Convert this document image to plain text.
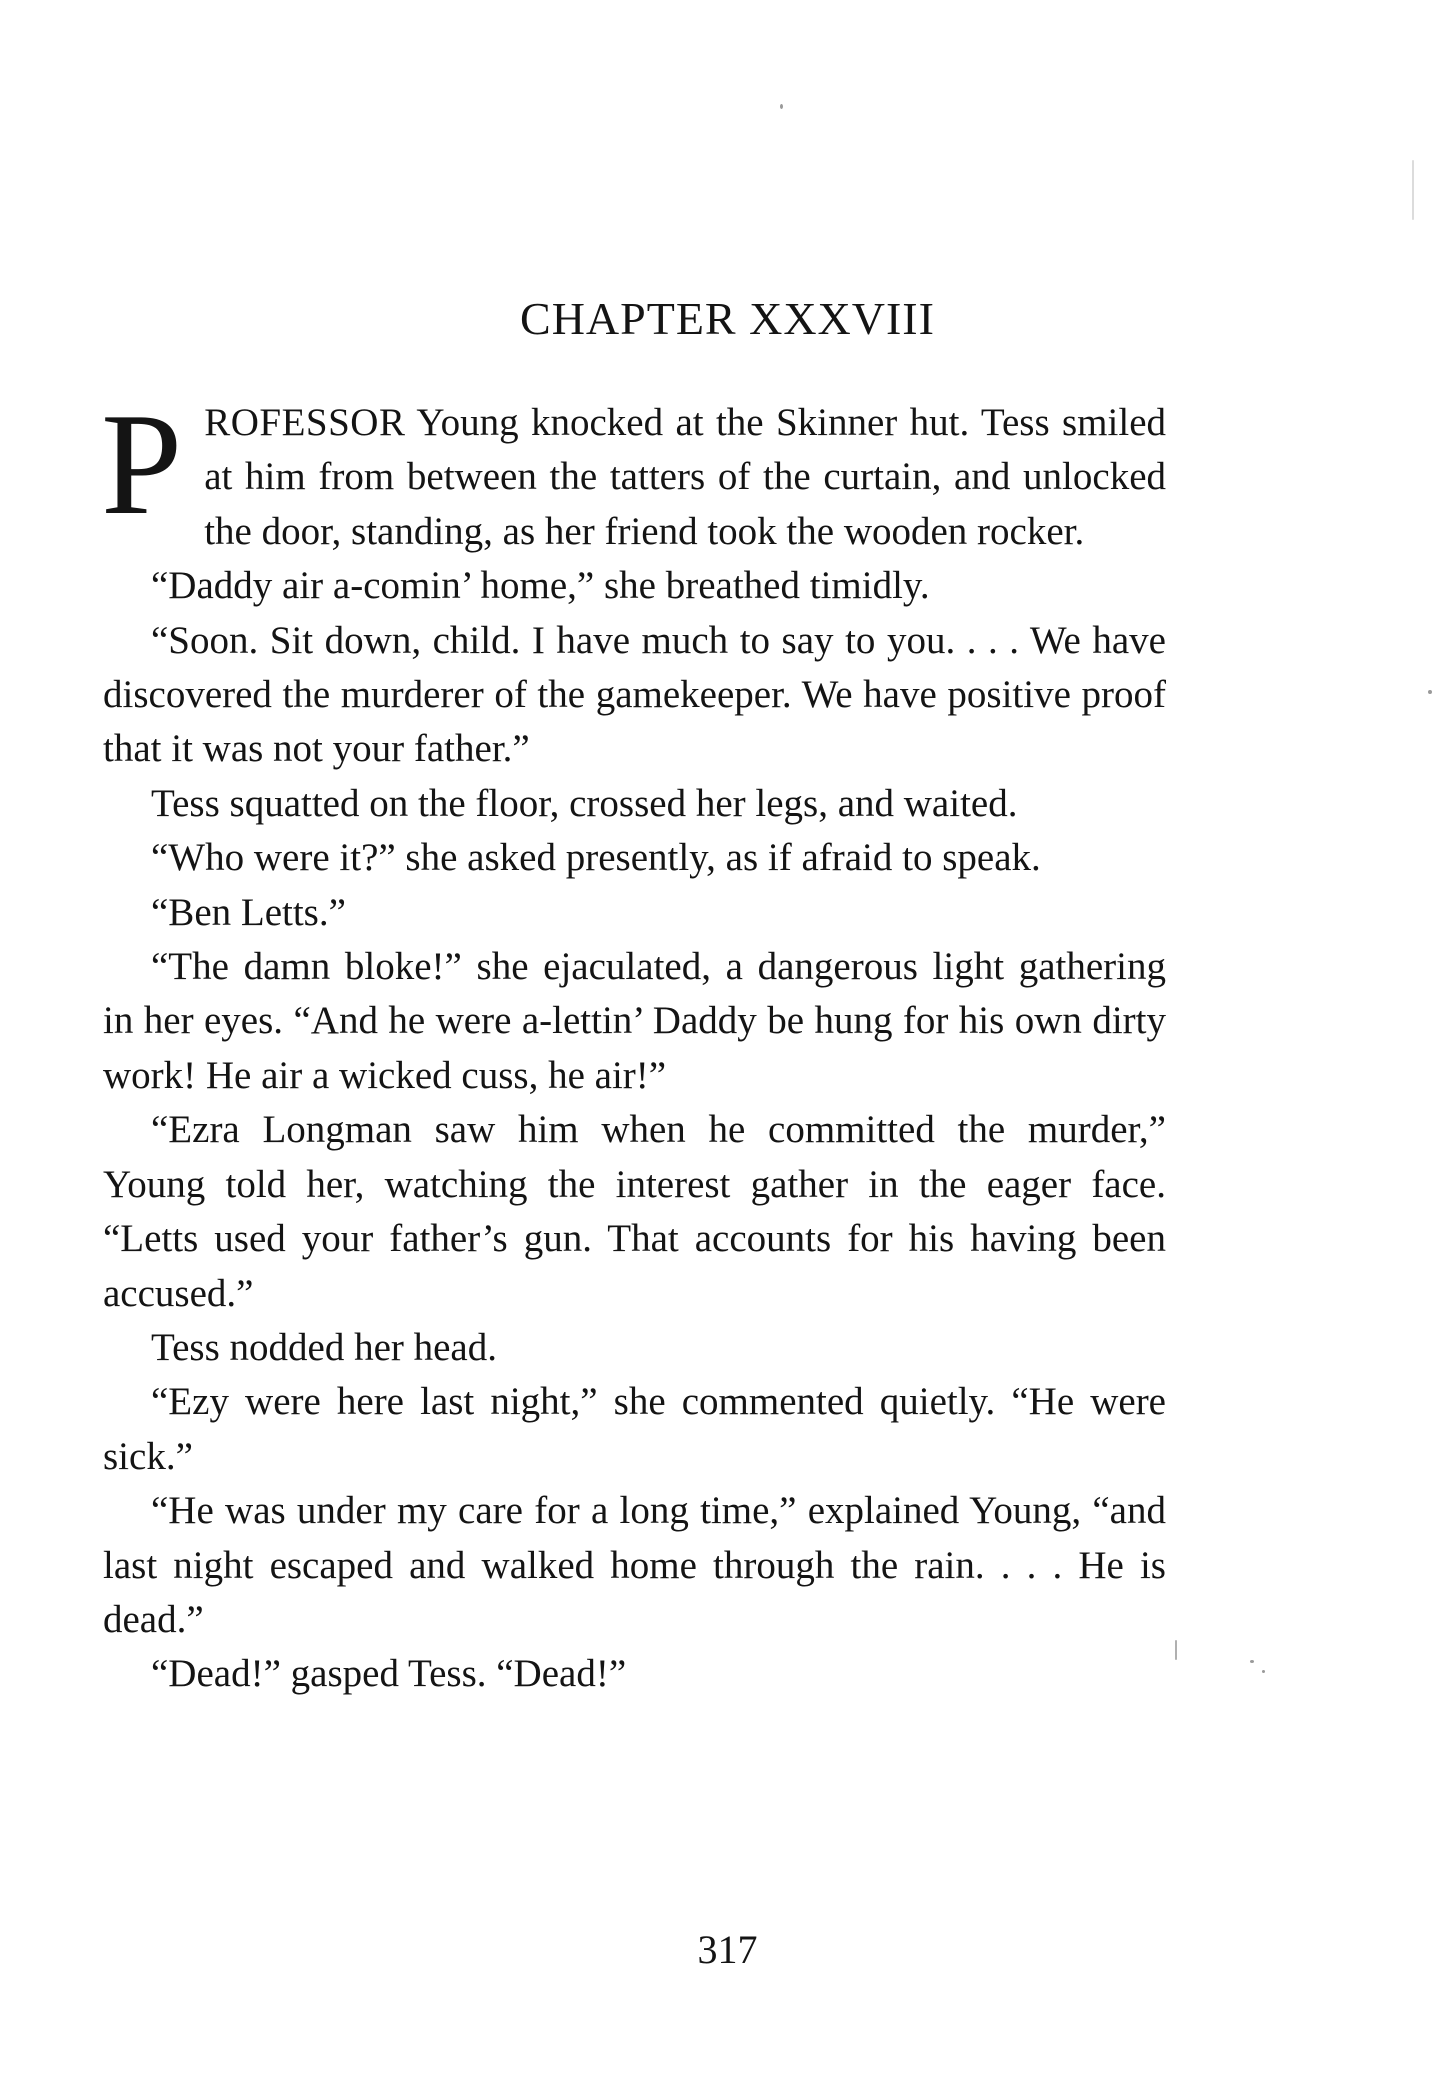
CHAPTER XXXVIII

PROFESSOR Young knocked at the Skinner hut. Tess smiled at him from between the tatters of the curtain, and unlocked the door, standing, as her friend took the wooden rocker.

“Daddy air a-comin’ home,” she breathed timidly.

“Soon. Sit down, child. I have much to say to you. . . . We have discovered the murderer of the gamekeeper. We have positive proof that it was not your father.”

Tess squatted on the floor, crossed her legs, and waited.

“Who were it?” she asked presently, as if afraid to speak.

“Ben Letts.”

“The damn bloke!” she ejaculated, a dangerous light gathering in her eyes. “And he were a-lettin’ Daddy be hung for his own dirty work! He air a wicked cuss, he air!”

“Ezra Longman saw him when he committed the murder,” Young told her, watching the interest gather in the eager face. “Letts used your father’s gun. That accounts for his having been accused.”

Tess nodded her head.

“Ezy were here last night,” she commented quietly. “He were sick.”

“He was under my care for a long time,” explained Young, “and last night escaped and walked home through the rain. . . . He is dead.”

“Dead!” gasped Tess. “Dead!”

317
